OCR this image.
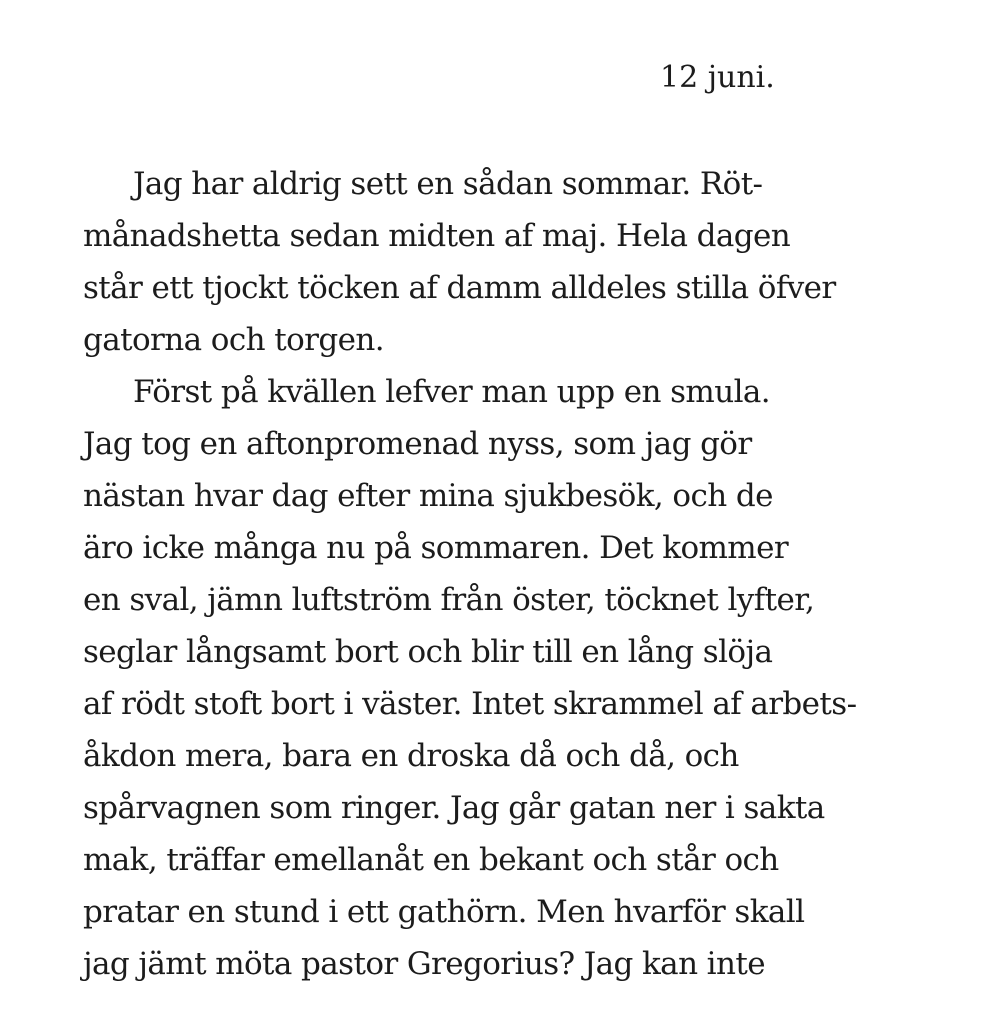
12 juni.
Jag har aldrig sett en sådan sommar. Röt-
månadshetta sedan midten af maj. Hela dagen
står ett tjockt töcken af damm alldeles stilla öfver
gatorna och torgen.
Först på kvällen lefver man upp en smula.
Jag tog en aftonpromenad nyss, som jag gör
nästan hvar dag efter mina sjukbesök, och de
äro icke många nu på sommaren. Det kommer
en sval, jämn luftström från öster, töcknet lyfter,
seglar långsamt bort och blir till en lång slöja
af rödt stoft bort i väster. Intet skrammel af arbets-
åkdon mera, bara en droska då och då, och
spårvagnen som ringer. Jag går gatan ner i sakta
mak, träffar emellanåt en bekant och står och
pratar en stund i ett gathörn. Men hvarför skall
jag jämt möta pastor Gregorius? Jag kan inte
